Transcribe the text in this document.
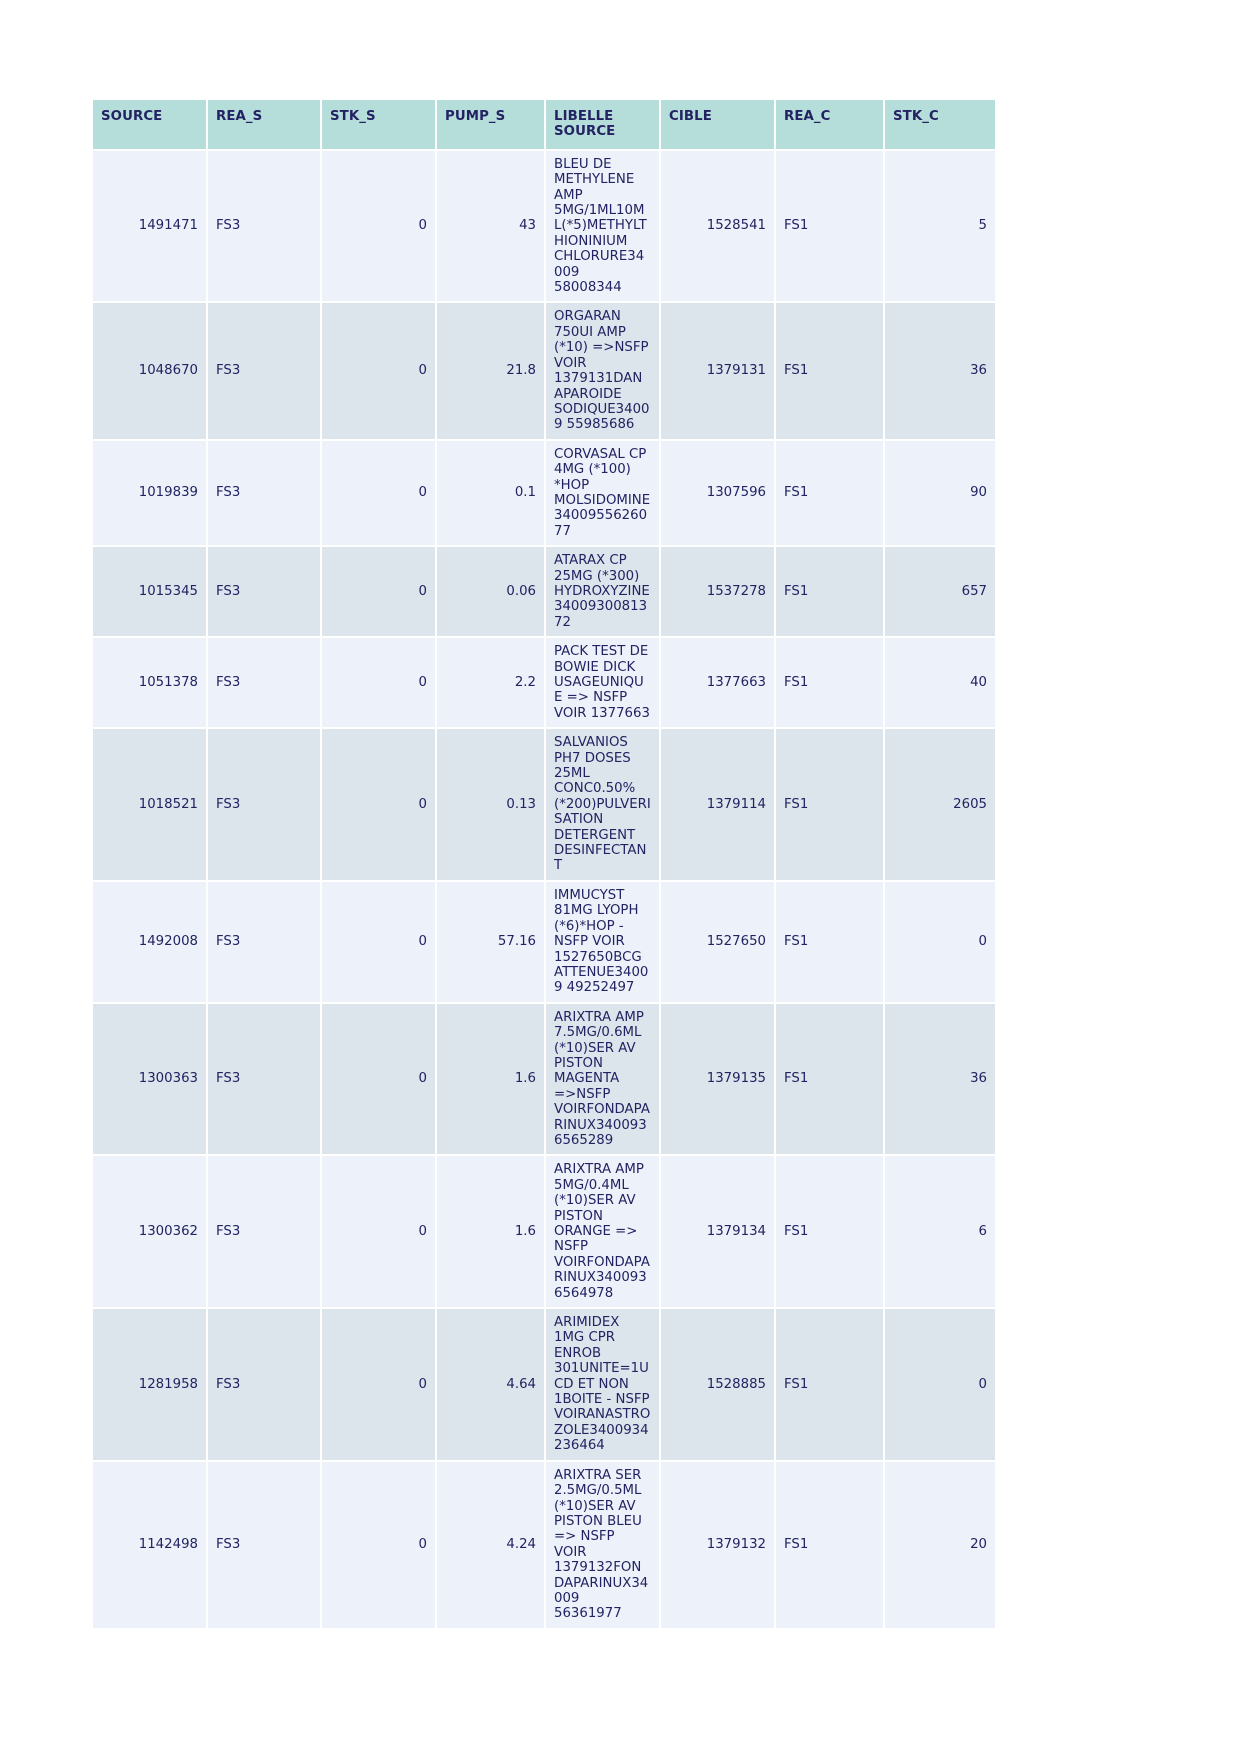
SOURCE	REA_S	STK_S	PUMP_S	LIBELLE SOURCE	CIBLE	REA_C	STK_C
1491471	FS3	0	43	BLEU DE METHYLENE AMP 5MG/1ML10ML(*5)METHYLTHIONINIUM CHLORURE34009 58008344	1528541	FS1	5
1048670	FS3	0	21.8	ORGARAN 750UI AMP (*10) =>NSFP VOIR 1379131DANAPAROIDE SODIQUE34009 55985686	1379131	FS1	36
1019839	FS3	0	0.1	CORVASAL CP 4MG (*100) *HOP MOLSIDOMINE3400955626077	1307596	FS1	90
1015345	FS3	0	0.06	ATARAX CP 25MG (*300) HYDROXYZINE3400930081372	1537278	FS1	657
1051378	FS3	0	2.2	PACK TEST DE BOWIE DICK USAGEUNIQUE => NSFP VOIR 1377663	1377663	FS1	40
1018521	FS3	0	0.13	SALVANIOS PH7 DOSES 25ML CONC0.50% (*200)PULVERISATION DETERGENT DESINFECTANT	1379114	FS1	2605
1492008	FS3	0	57.16	IMMUCYST 81MG LYOPH (*6)*HOP -NSFP VOIR 1527650BCG ATTENUE34009 49252497	1527650	FS1	0
1300363	FS3	0	1.6	ARIXTRA AMP 7.5MG/0.6ML (*10)SER AV PISTON MAGENTA =>NSFP VOIRFONDAPARINUX3400936565289	1379135	FS1	36
1300362	FS3	0	1.6	ARIXTRA AMP 5MG/0.4ML (*10)SER AV PISTON ORANGE => NSFP VOIRFONDAPARINUX3400936564978	1379134	FS1	6
1281958	FS3	0	4.64	ARIMIDEX 1MG CPR ENROB 301UNITE=1UCD ET NON 1BOITE - NSFP VOIRANASTROZOLE3400934236464	1528885	FS1	0
1142498	FS3	0	4.24	ARIXTRA SER 2.5MG/0.5ML (*10)SER AV PISTON BLEU => NSFP VOIR 1379132FONDAPARINUX34009 56361977	1379132	FS1	20
